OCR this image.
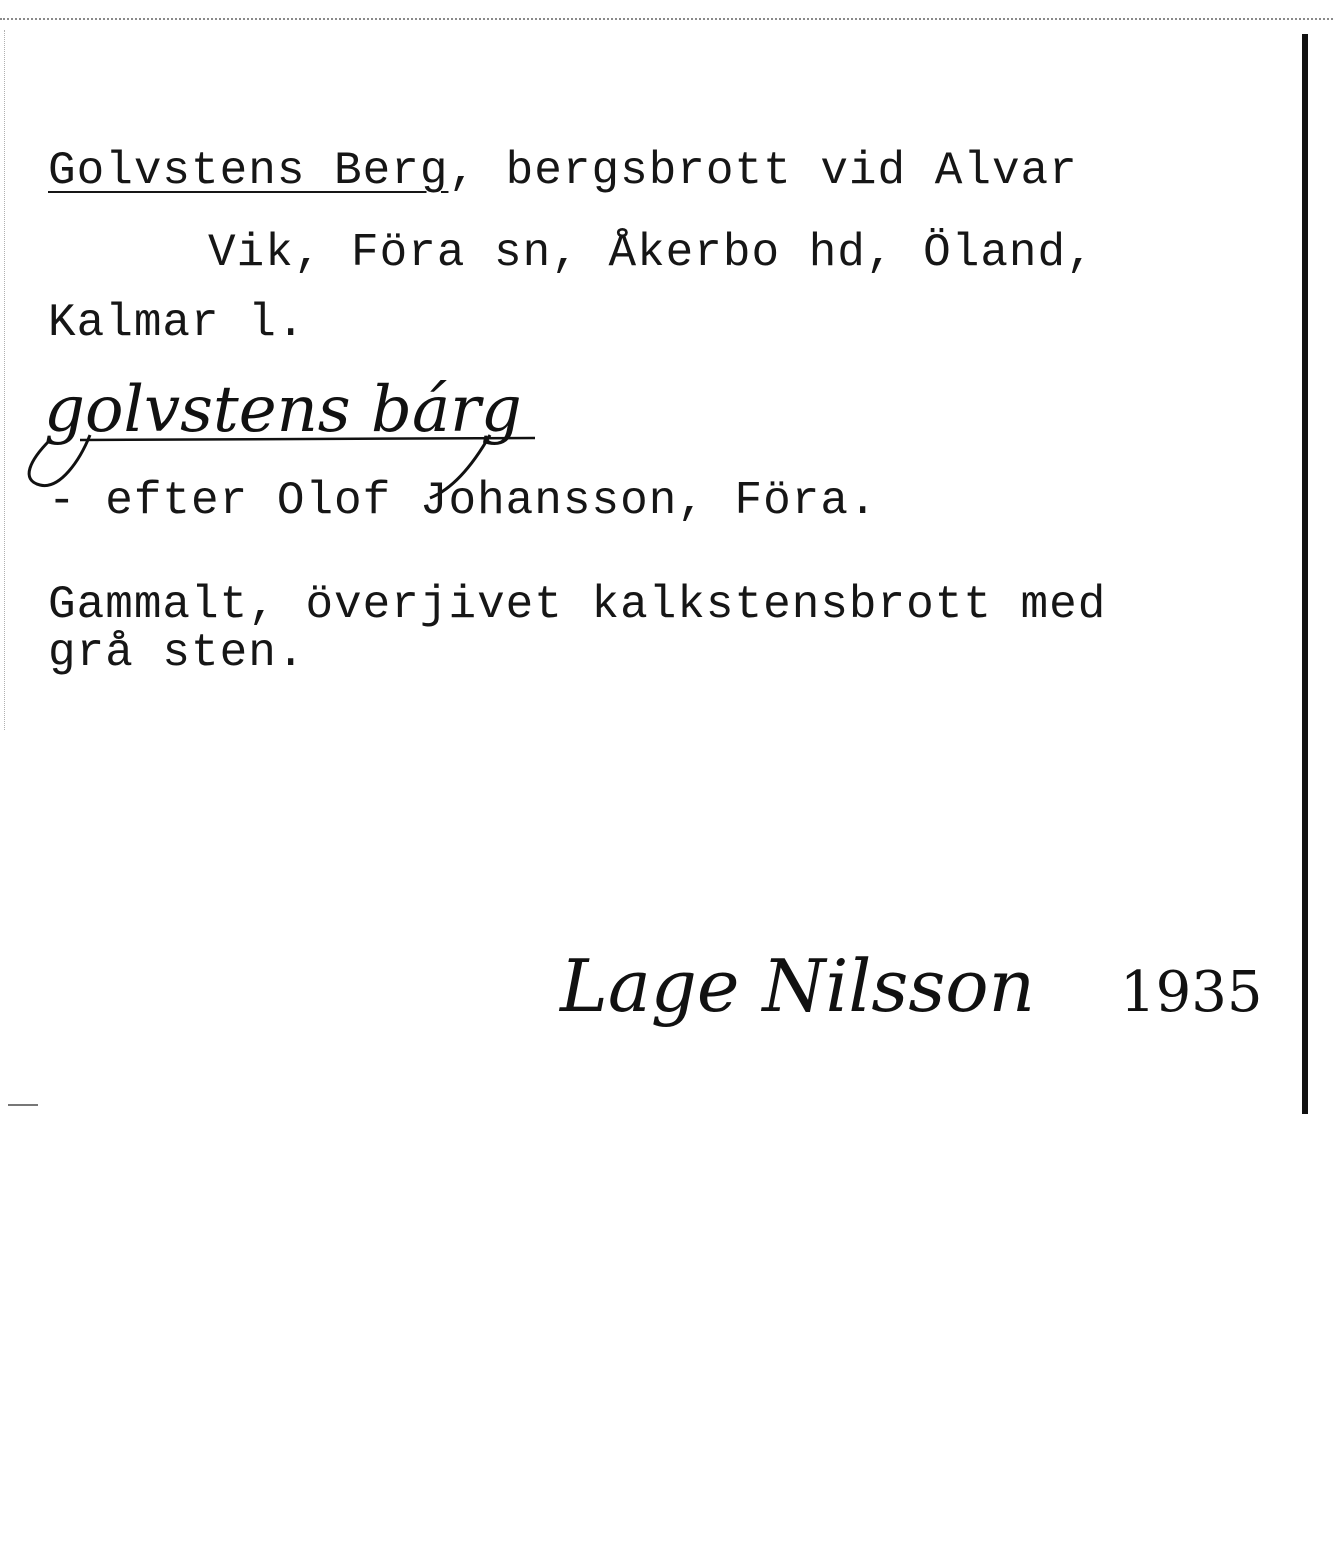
Golvstens Berg, bergsbrott vid Alvar
Vik, Föra sn, Åkerbo hd, Öland,
Kalmar l.
golvstens bárg
- efter Olof Johansson, Föra.
Gammalt, överjivet kalkstensbrott med
grå sten.
Lage Nilsson 1935
